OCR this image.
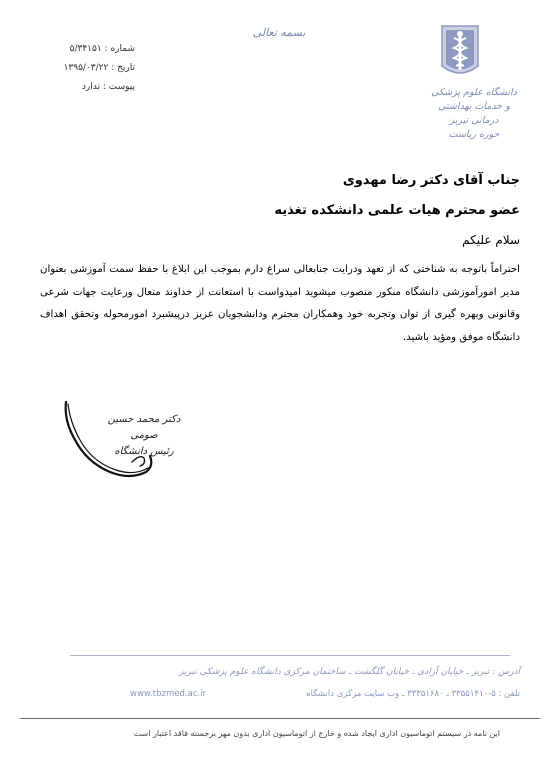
دانشگاه علوم پزشکی
و خدمات بهداشتی درمانی تبریز
حوزه ریاست
بسمه تعالی
شماره : ۵/۳۴۱۵۱
تاریخ : ۱۳۹۵/۰۳/۲۲
پیوست : ندارد
جناب آقای دکتر رضا مهدوی
عضو محترم هیات علمی دانشکده تغذیه
سلام علیکم
احتراماً باتوجه به شناختی که از تعهد ودرایت جنابعالی سراغ دارم بموجب این ابلاغ با حفظ سمت آموزشی بعنوان مدیر امورآموزشی دانشگاه منکور منصوب میشوید امیدواست با استعانت از خداوند متعال ورعایت جهات شرعی وقانونی وبهره گیری از توان وتجربه خود وهمکاران محترم ودانشجویان عزیز درپیشبرد امورمحوله وتحقق اهداف دانشگاه موفق ومؤید باشید.
دکتر محمد حسین صومی
رئیس دانشگاه
آدرس : تبریز ـ خیابان آزادی ـ خیابان گلگشت ـ ساختمان مرکزی دانشگاه علوم پزشکی تبریز
www.tbzmed.ac.ir	تلفن : ۵-۳۳۵۵۱۴۱۰ ـ ۳۳۳۵۱۶۸۰ ـ وب سایت مرکزی دانشگاه
این نامه در سیستم اتوماسیون اداری ایجاد شده و خارج از اتوماسیون اداری بدون مهر برجسته فاقد اعتبار است
